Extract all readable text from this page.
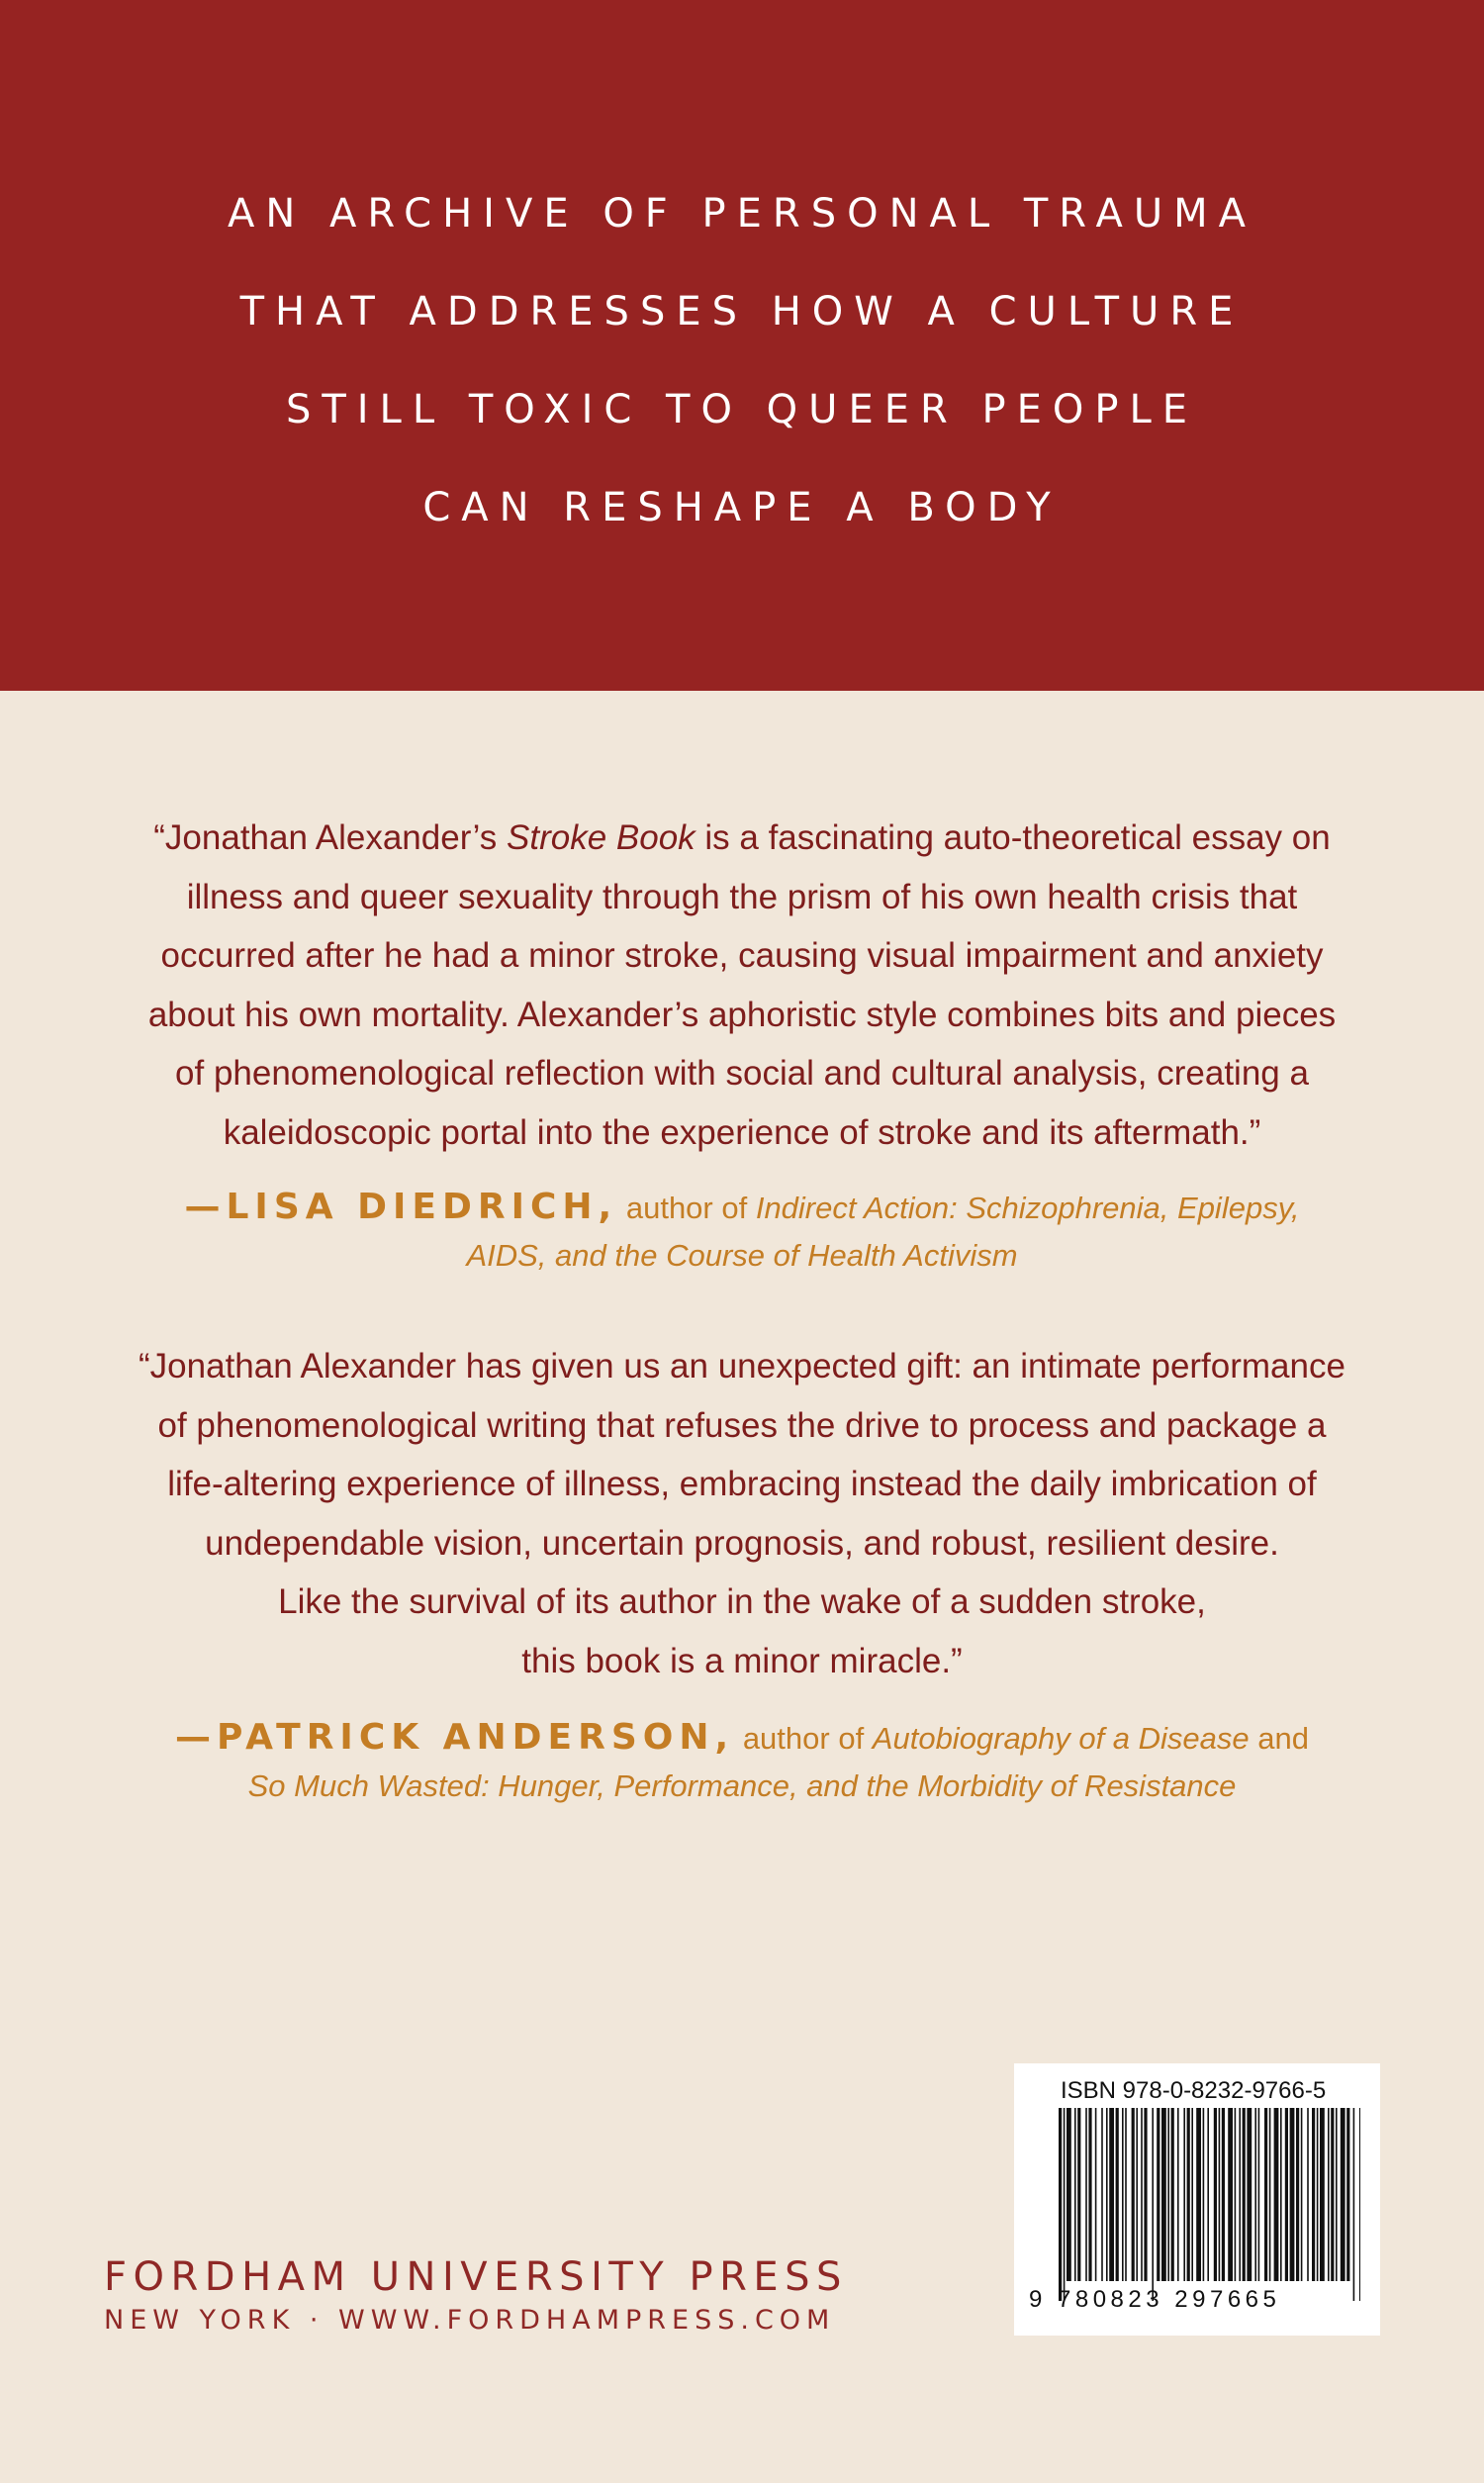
AN ARCHIVE OF PERSONAL TRAUMA
THAT ADDRESSES HOW A CULTURE
STILL TOXIC TO QUEER PEOPLE
CAN RESHAPE A BODY
“Jonathan Alexander’s Stroke Book is a fascinating auto-theoretical essay on
illness and queer sexuality through the prism of his own health crisis that
occurred after he had a minor stroke, causing visual impairment and anxiety
about his own mortality. Alexander’s aphoristic style combines bits and pieces
of phenomenological reflection with social and cultural analysis, creating a
kaleidoscopic portal into the experience of stroke and its aftermath.”
—LISA DIEDRICH, author of Indirect Action: Schizophrenia, Epilepsy,
AIDS, and the Course of Health Activism
“Jonathan Alexander has given us an unexpected gift: an intimate performance
of phenomenological writing that refuses the drive to process and package a
life-altering experience of illness, embracing instead the daily imbrication of
undependable vision, uncertain prognosis, and robust, resilient desire.
Like the survival of its author in the wake of a sudden stroke,
this book is a minor miracle.”
—PATRICK ANDERSON, author of Autobiography of a Disease and
So Much Wasted: Hunger, Performance, and the Morbidity of Resistance
FORDHAM UNIVERSITY PRESS
NEW YORK · WWW.FORDHAMPRESS.COM
ISBN 978-0-8232-9766-5
9 780823 297665
